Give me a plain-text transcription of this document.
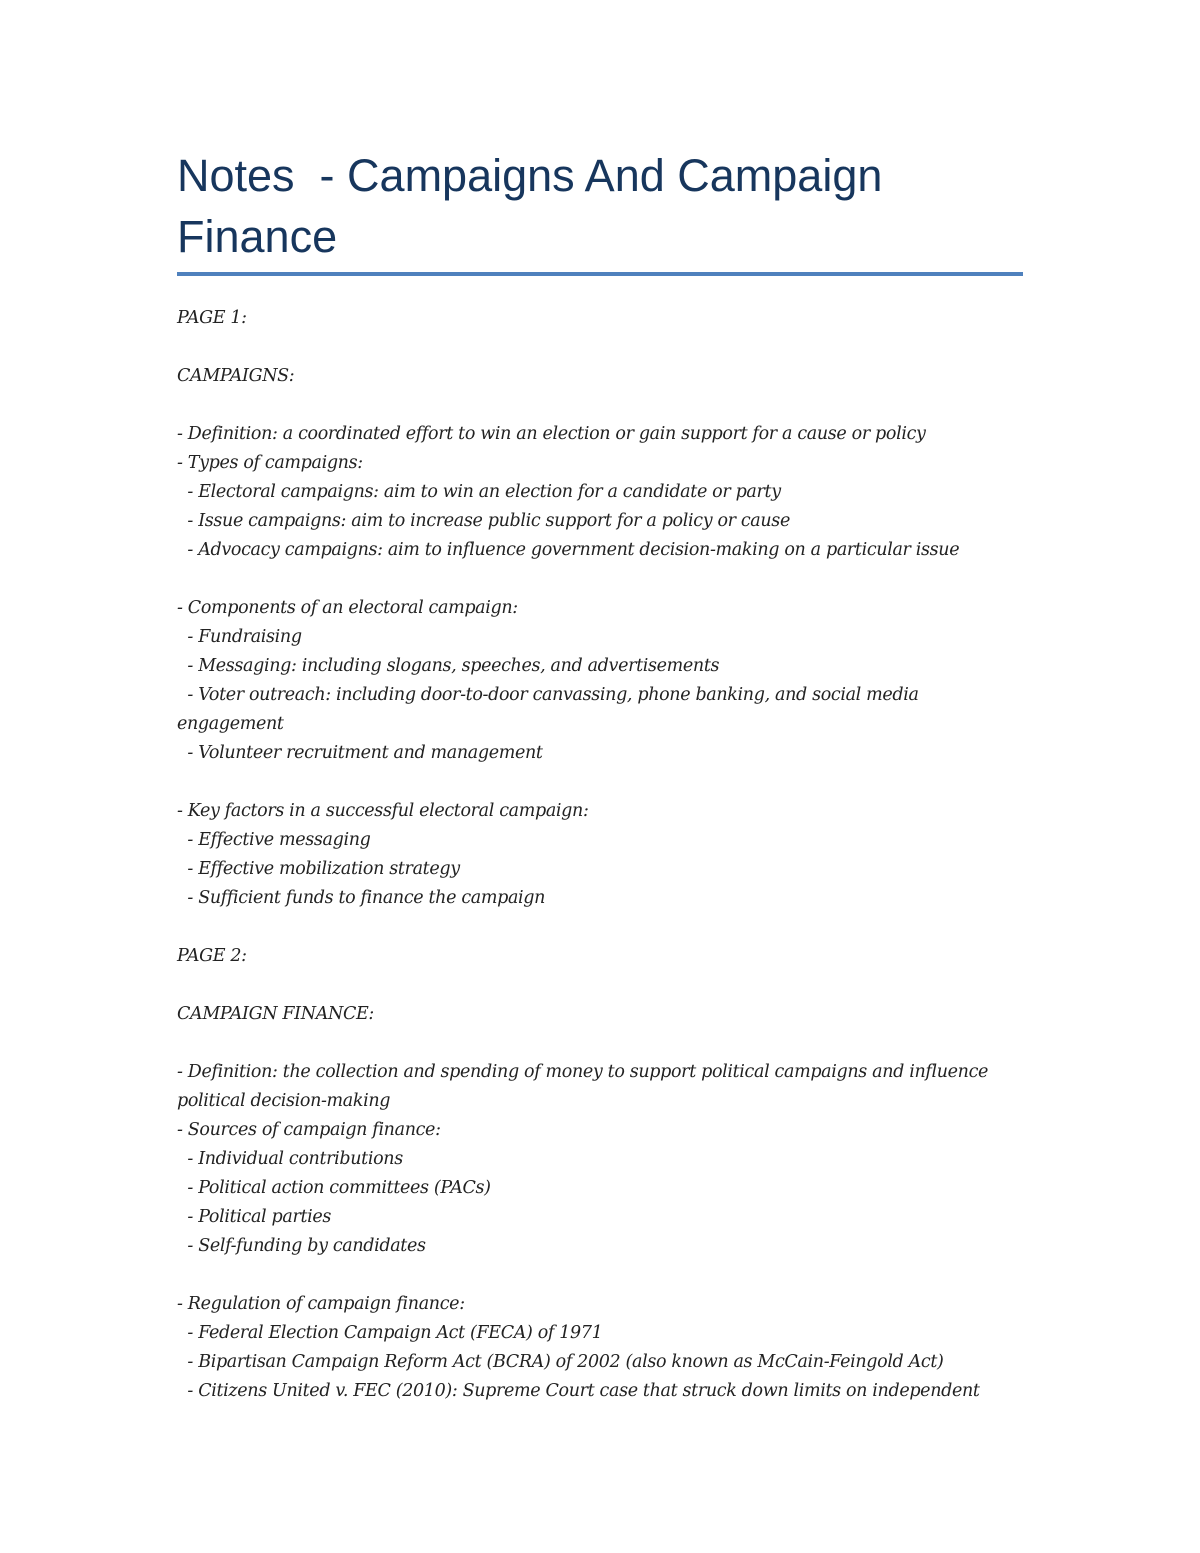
Notes  - Campaigns And Campaign Finance
PAGE 1:
CAMPAIGNS:
- Definition: a coordinated effort to win an election or gain support for a cause or policy
- Types of campaigns:
- Electoral campaigns: aim to win an election for a candidate or party
- Issue campaigns: aim to increase public support for a policy or cause
- Advocacy campaigns: aim to influence government decision-making on a particular issue
- Components of an electoral campaign:
- Fundraising
- Messaging: including slogans, speeches, and advertisements
- Voter outreach: including door-to-door canvassing, phone banking, and social media
engagement
- Volunteer recruitment and management
- Key factors in a successful electoral campaign:
- Effective messaging
- Effective mobilization strategy
- Sufficient funds to finance the campaign
PAGE 2:
CAMPAIGN FINANCE:
- Definition: the collection and spending of money to support political campaigns and influence
political decision-making
- Sources of campaign finance:
- Individual contributions
- Political action committees (PACs)
- Political parties
- Self-funding by candidates
- Regulation of campaign finance:
- Federal Election Campaign Act (FECA) of 1971
- Bipartisan Campaign Reform Act (BCRA) of 2002 (also known as McCain-Feingold Act)
- Citizens United v. FEC (2010): Supreme Court case that struck down limits on independent
